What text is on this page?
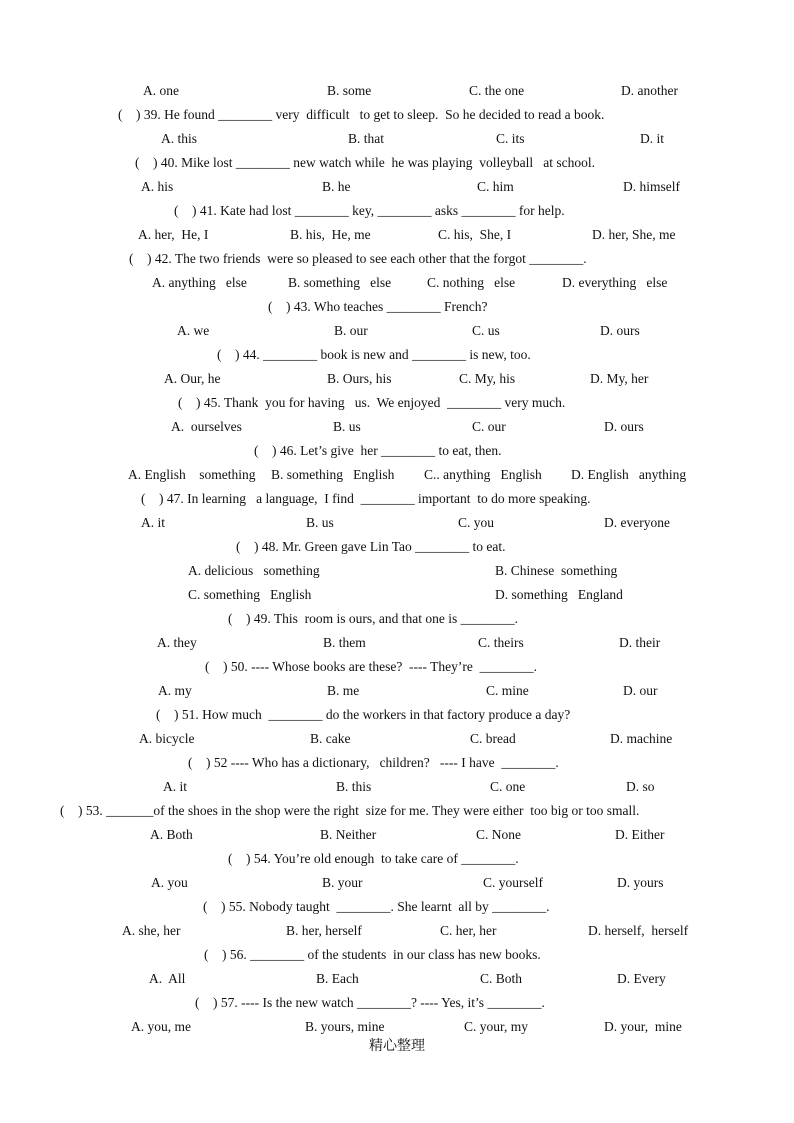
A. one	B. some	C. the one	D. another
(    ) 39. He found ________ very  difficult   to get to sleep.  So he decided to read a book.
A. this	B. that	C. its	D. it
(    ) 40. Mike lost ________ new watch while  he was playing  volleyball   at school.
A. his	B. he	C. him	D. himself
(    ) 41. Kate had lost ________ key, ________ asks ________ for help.
A. her,  He, I	B. his,  He, me	C. his,  She, I	D. her, She, me
(    ) 42. The two friends  were so pleased to see each other that the forgot ________.
A. anything   else	B. something   else	C. nothing   else	D. everything   else
(    ) 43. Who teaches ________ French?
A. we	B. our	C. us	D. ours
(    ) 44. ________ book is new and ________ is new, too.
A. Our, he	B. Ours, his	C. My, his	D. My, her
(    ) 45. Thank  you for having   us.  We enjoyed  ________ very much.
A.  ourselves	B. us	C. our	D. ours
(    ) 46. Let’s give  her ________ to eat, then.
A. English    something B. something   English C.. anything   English D. English   anything
(    ) 47. In learning   a language,  I find  ________ important  to do more speaking.
A. it	B. us	C. you	D. everyone
(    ) 48. Mr. Green gave Lin Tao ________ to eat.
A. delicious   something	B. Chinese  something
C. something   English	D. something   England
(    ) 49. This  room is ours, and that one is ________.
A. they	B. them	C. theirs	D. their
(    ) 50. ---- Whose books are these?  ---- They’re  ________.
A. my	B. me	C. mine	D. our
(    ) 51. How much  ________ do the workers in that factory produce a day?
A. bicycle	B. cake	C. bread	D. machine
(    ) 52 ---- Who has a dictionary,   children?   ---- I have  ________.
A. it	B. this	C. one	D. so
(    ) 53. _______of the shoes in the shop were the right  size for me. They were either  too big or too small.
A. Both	B. Neither	C. None	D. Either
(    ) 54. You’re old enough  to take care of ________.
A. you	B. your	C. yourself	D. yours
(    ) 55. Nobody taught  ________. She learnt  all by ________.
A. she, her	B. her, herself	C. her, her	D. herself,  herself
(    ) 56. ________ of the students  in our class has new books.
A.  All	B. Each	C. Both	D. Every
(    ) 57. ---- Is the new watch ________? ---- Yes, it’s ________.
A. you, me	B. yours, mine	C. your, my	D. your,  mine
精心整理
